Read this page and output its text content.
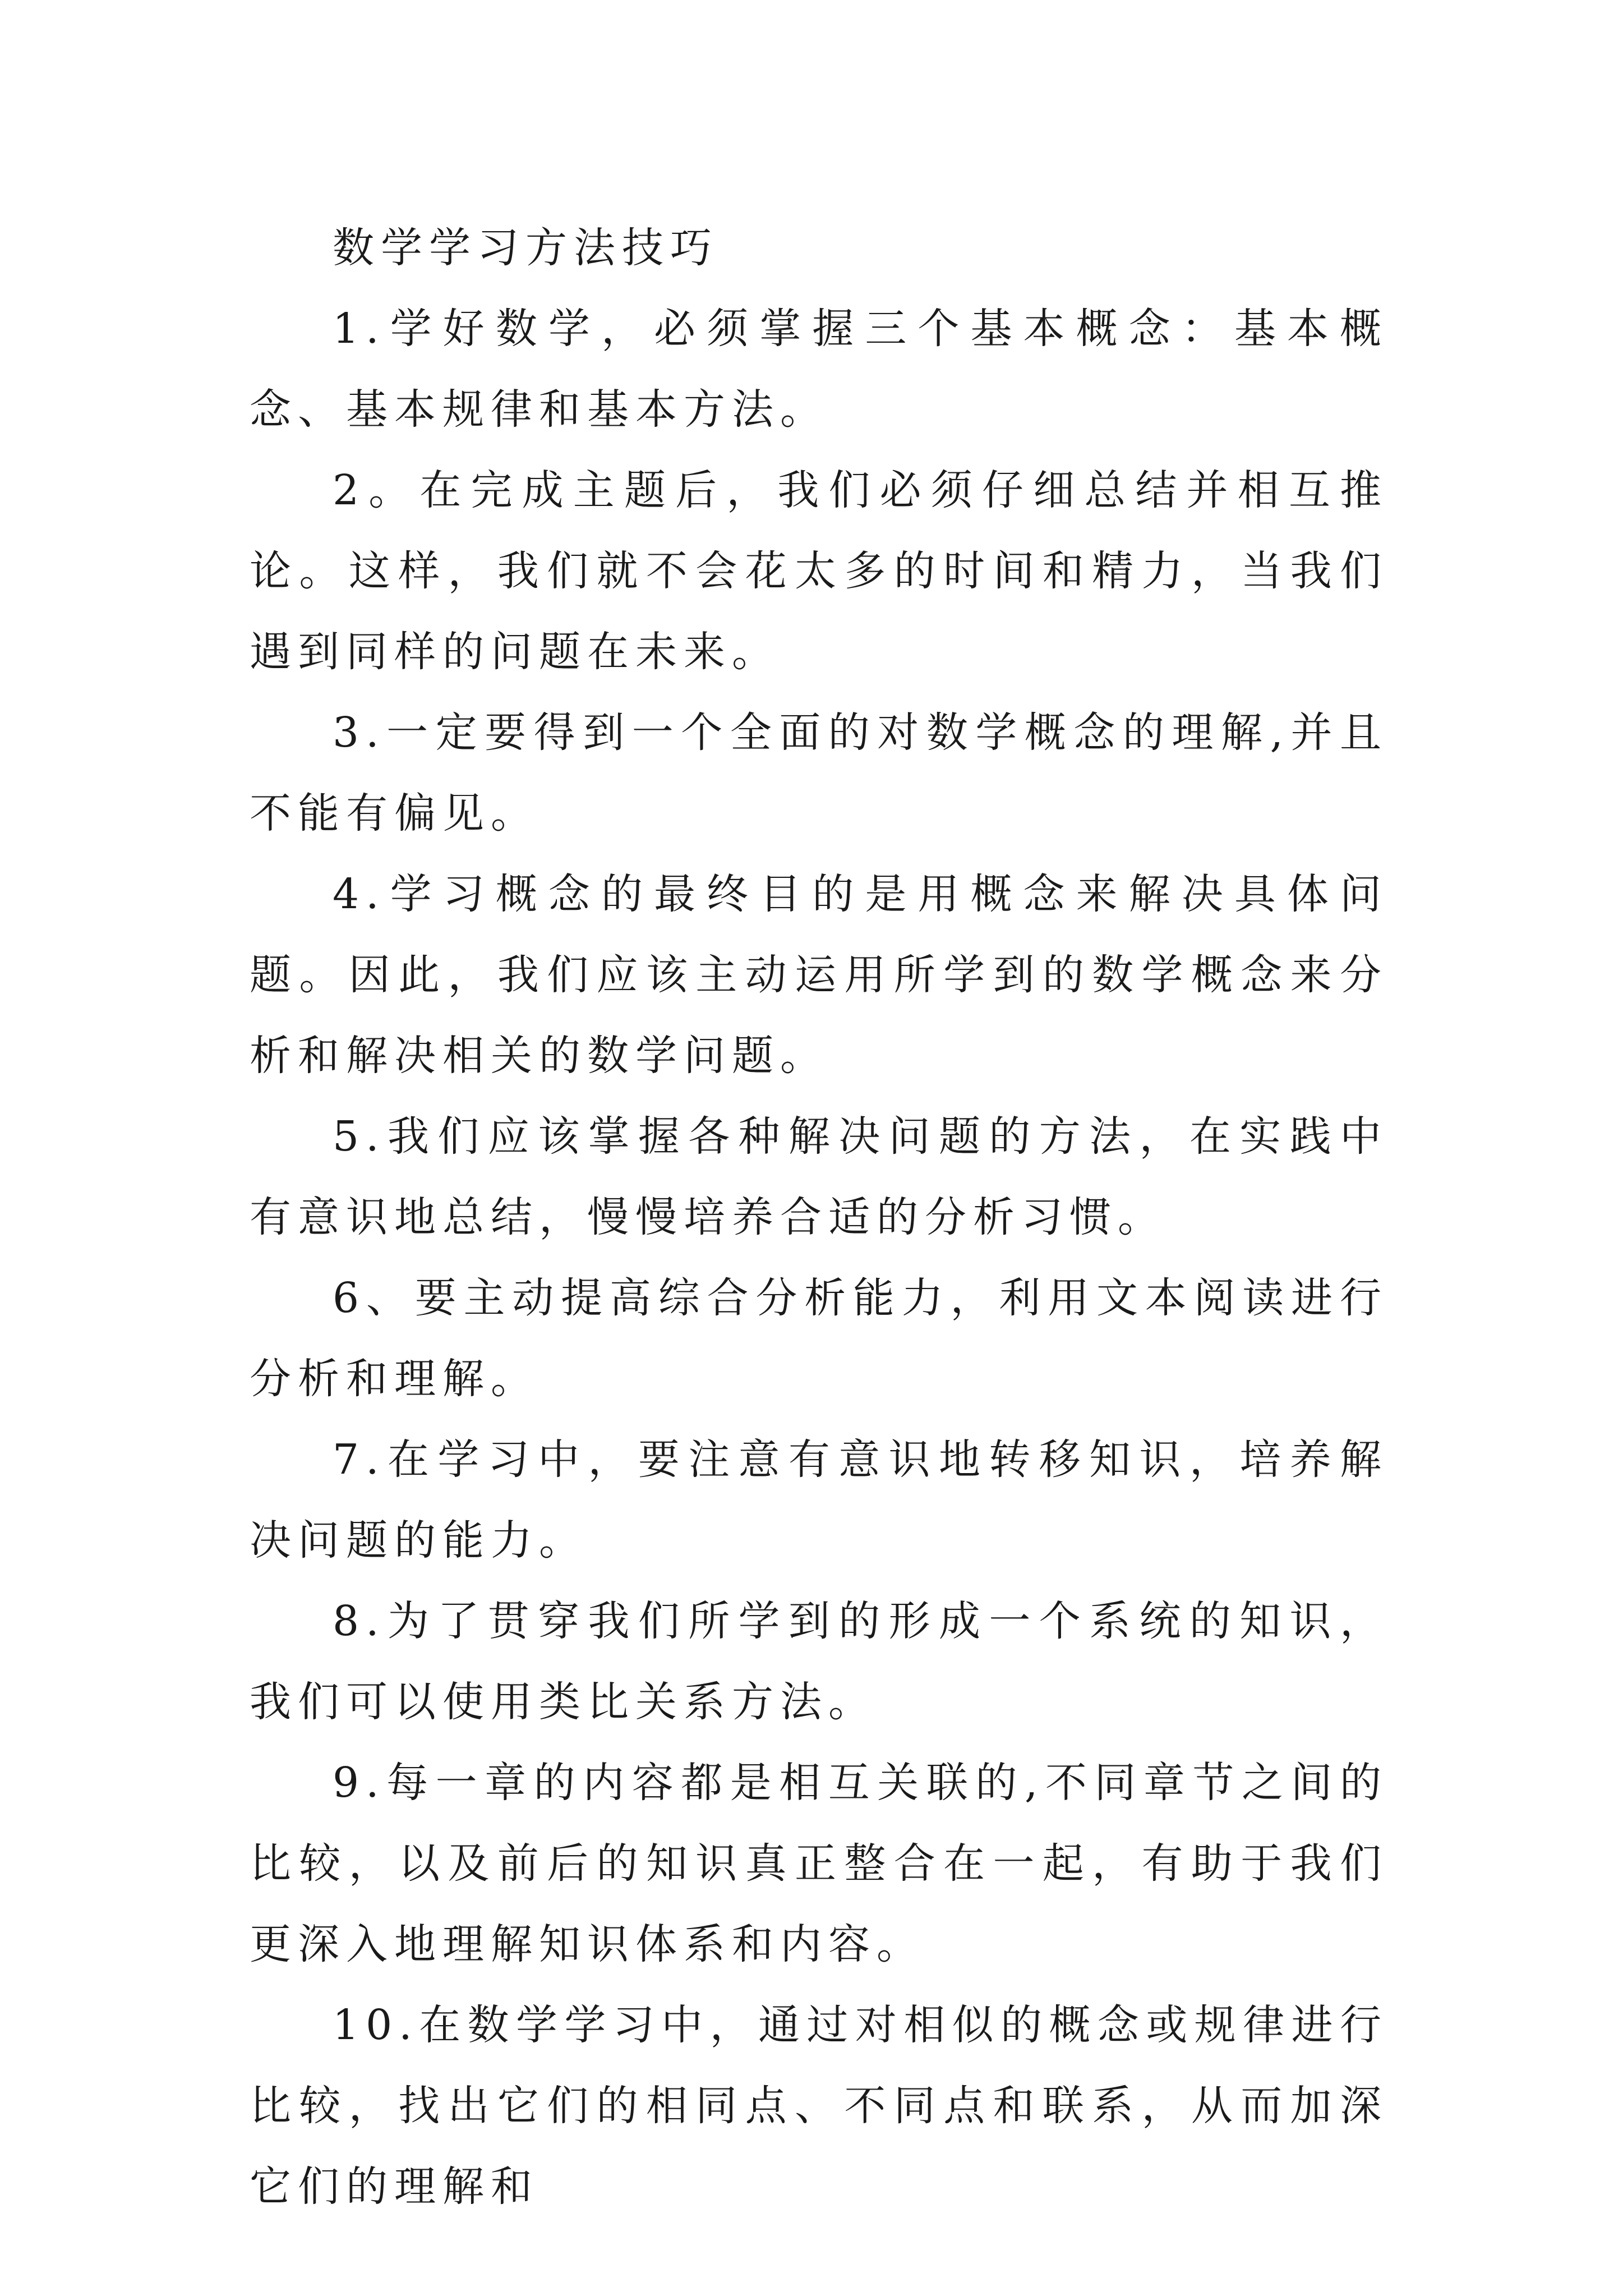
数学学习方法技巧

1.学好数学，必须掌握三个基本概念：基本概念、基本规律和基本方法。

2。在完成主题后，我们必须仔细总结并相互推论。这样，我们就不会花太多的时间和精力，当我们遇到同样的问题在未来。

3.一定要得到一个全面的对数学概念的理解,并且不能有偏见。

4.学习概念的最终目的是用概念来解决具体问题。因此，我们应该主动运用所学到的数学概念来分析和解决相关的数学问题。

5.我们应该掌握各种解决问题的方法，在实践中有意识地总结，慢慢培养合适的分析习惯。

6、要主动提高综合分析能力，利用文本阅读进行分析和理解。

7.在学习中，要注意有意识地转移知识，培养解决问题的能力。

8.为了贯穿我们所学到的形成一个系统的知识，我们可以使用类比关系方法。

9.每一章的内容都是相互关联的,不同章节之间的比较，以及前后的知识真正整合在一起，有助于我们更深入地理解知识体系和内容。

10.在数学学习中，通过对相似的概念或规律进行比较，找出它们的相同点、不同点和联系，从而加深它们的理解和
